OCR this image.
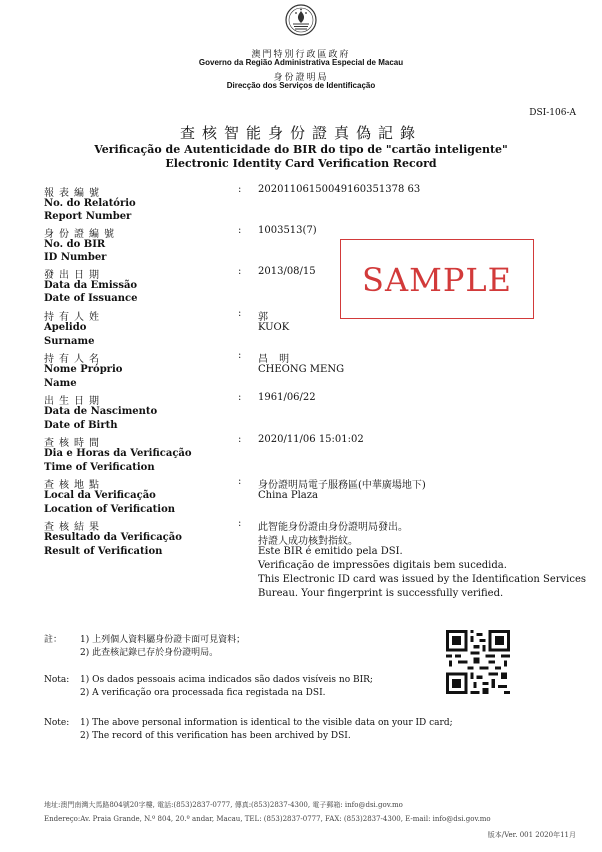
澳門特別行政區政府
Governo da Região Administrativa Especial de Macau
身份證明局
Direcção dos Serviços de Identificação
DSI-106-A
查核智能身份證真偽記錄
Verificação de Autenticidade do BIR do tipo de "cartão inteligente"
Electronic Identity Card Verification Record
SAMPLE
報表編號
No. do Relatório
Report Number
: 20201106150049160351378 63
身份證編號
No. do BIR
ID Number
: 1003513(7)
發出日期
Data da Emissão
Date of Issuance
: 2013/08/15
持有人姓
Apelido
Surname
: 郭
KUOK
持有人名
Nome Próprio
Name
: 昌 明
CHEONG MENG
出生日期
Data de Nascimento
Date of Birth
: 1961/06/22
查核時間
Dia e Horas da Verificação
Time of Verification
: 2020/11/06 15:01:02
查核地點
Local da Verificação
Location of Verification
: 身份證明局電子服務區(中華廣場地下)
China Plaza
查核結果
Resultado da Verificação
Result of Verification
: 此智能身份證由身份證明局發出。
持證人成功核對指紋。
Este BIR é emitido pela DSI.
Verificação de impressões digitais bem sucedida.
This Electronic ID card was issued by the Identification Services
Bureau. Your fingerprint is successfully verified.
註： 1) 上列個人資料屬身份證卡面可見資料；
2) 此查核記錄已存於身份證明局。
Nota: 1) Os dados pessoais acima indicados são dados visíveis no BIR;
2) A verificação ora processada fica registada na DSI.
Note: 1) The above personal information is identical to the visible data on your ID card;
2) The record of this verification has been archived by DSI.
地址:澳門南灣大馬路804號20字樓, 電話:(853)2837-0777, 傳真:(853)2837-4300, 電子郵箱: info@dsi.gov.mo
Endereço:Av. Praia Grande, N.º 804, 20.º andar, Macau, TEL: (853)2837-0777, FAX: (853)2837-4300, E-mail: info@dsi.gov.mo
版本/Ver. 001 2020年11月
